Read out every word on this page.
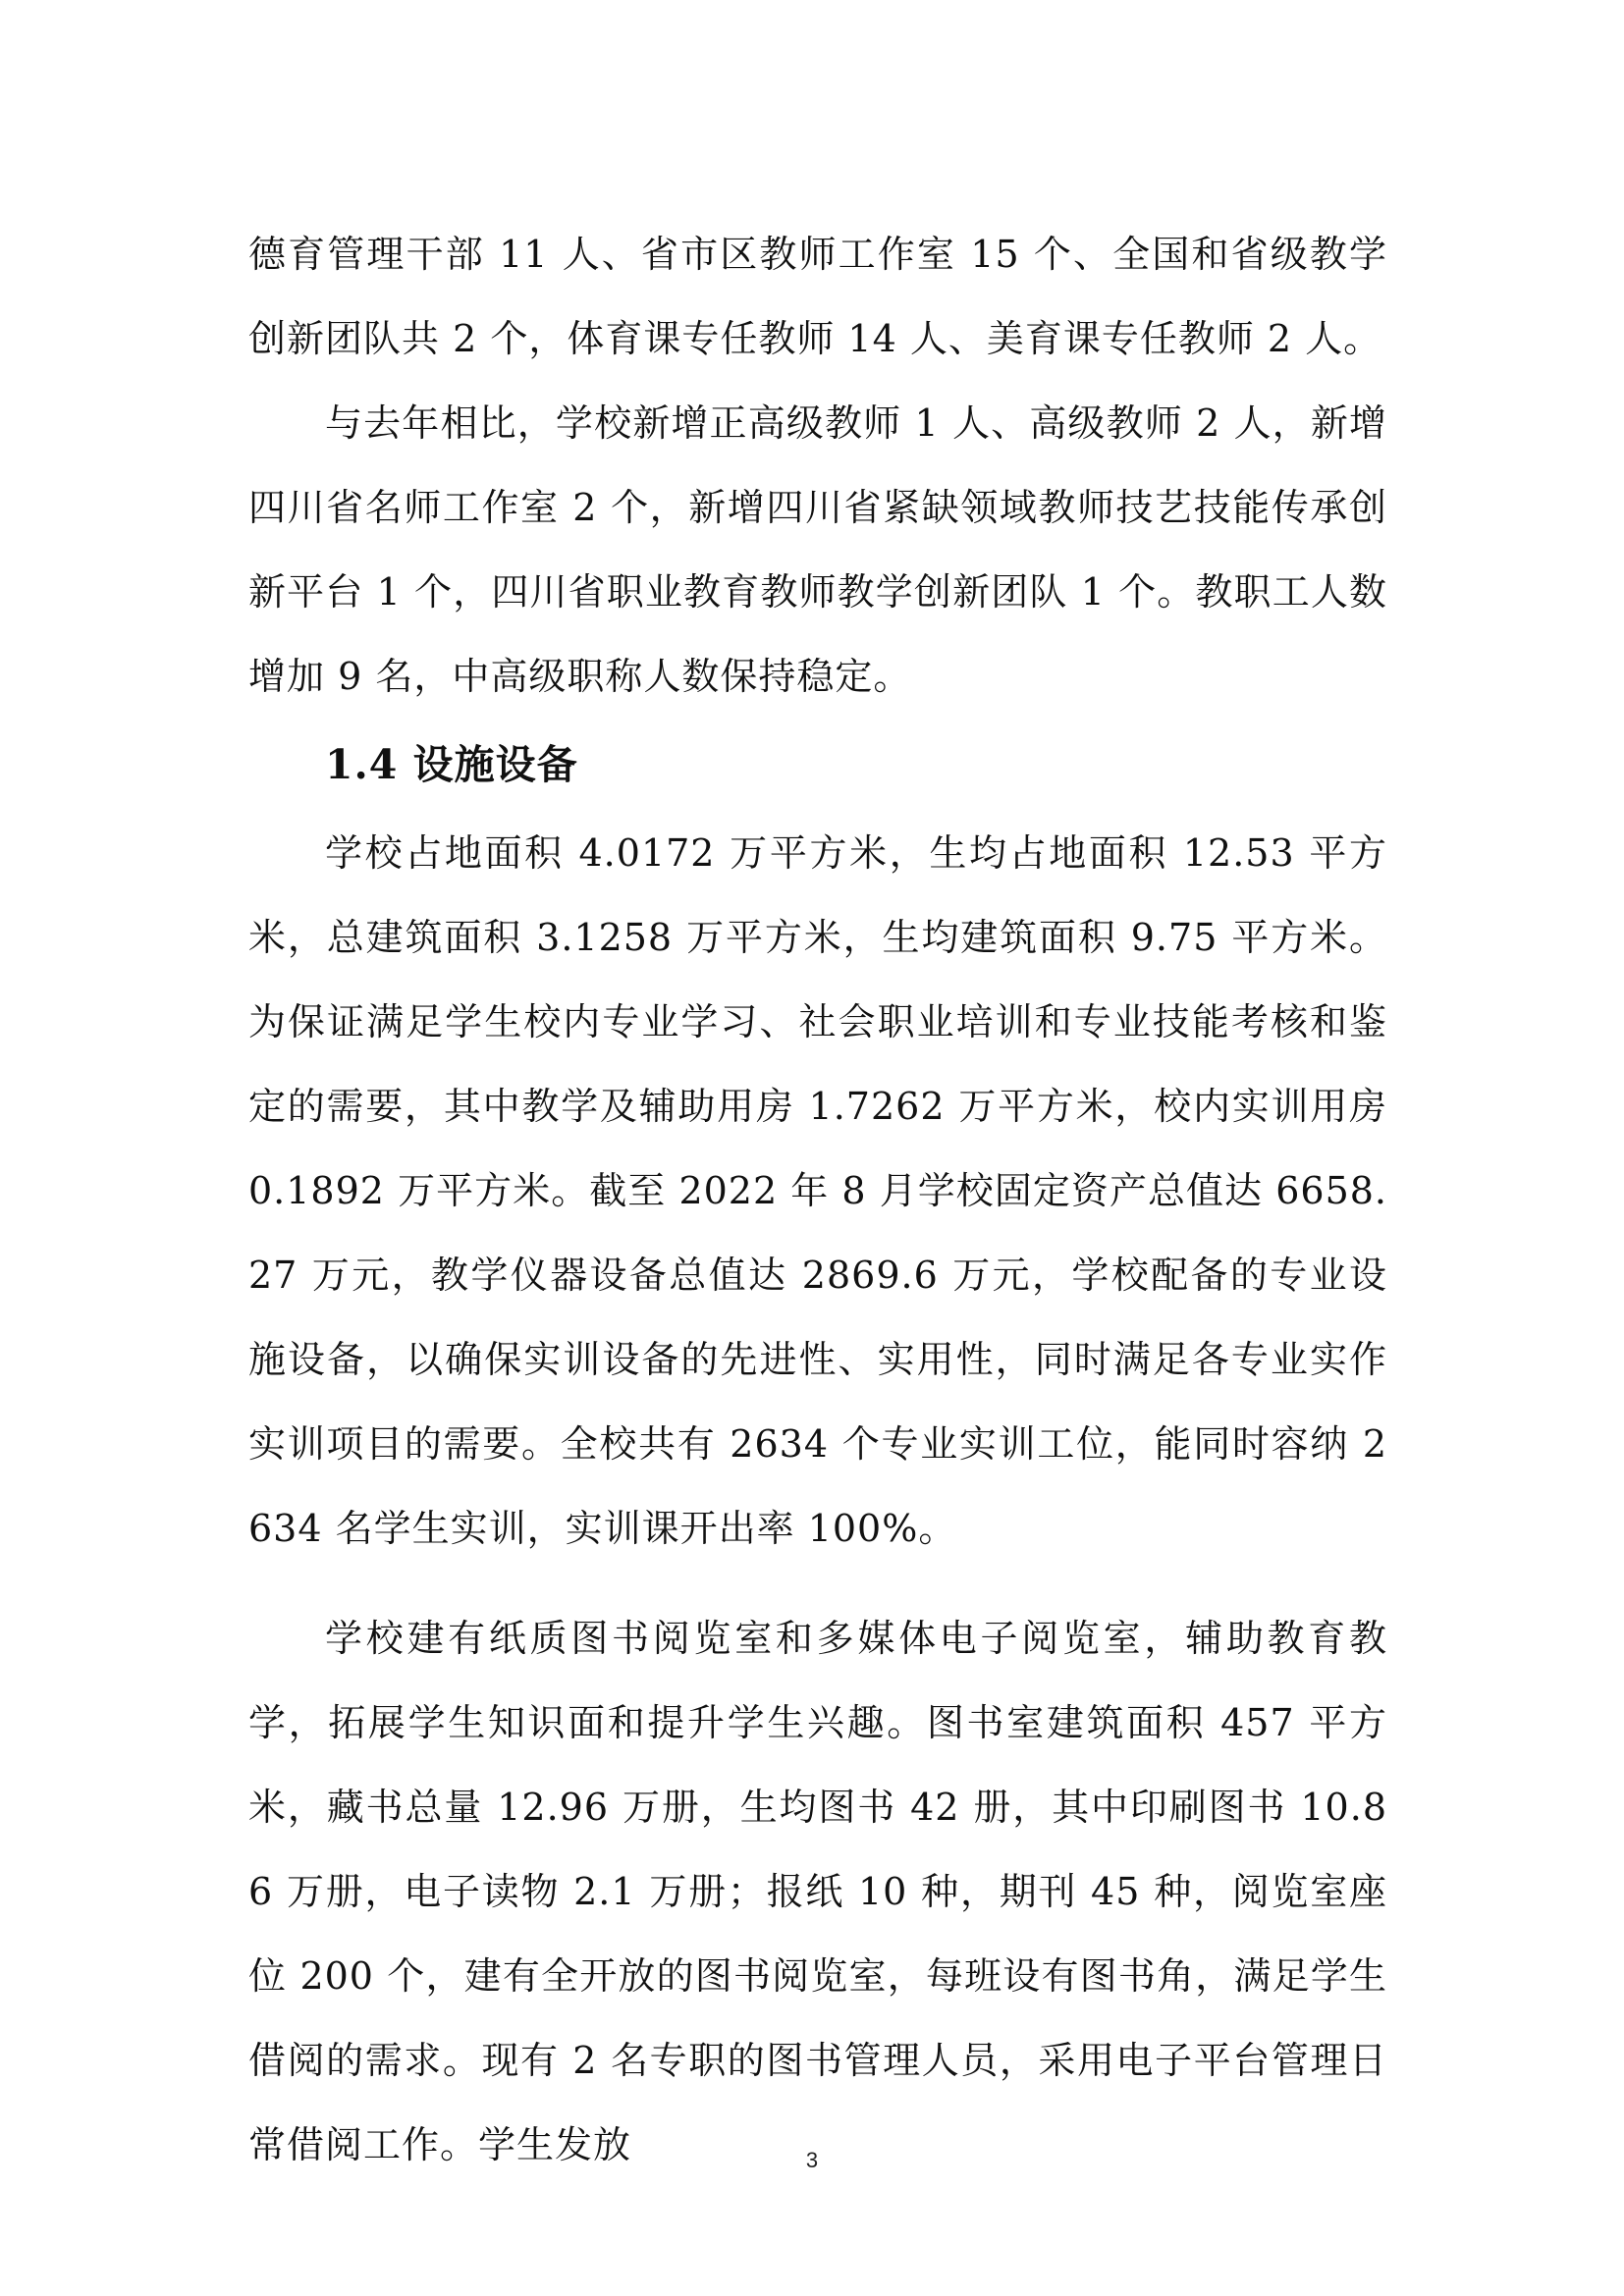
德育管理干部 11 人、省市区教师工作室 15 个、全国和省级教学创新团队共 2 个，体育课专任教师 14 人、美育课专任教师 2 人。

与去年相比，学校新增正高级教师 1 人、高级教师 2 人，新增四川省名师工作室 2 个，新增四川省紧缺领域教师技艺技能传承创新平台 1 个，四川省职业教育教师教学创新团队 1 个。教职工人数增加 9 名，中高级职称人数保持稳定。

1.4 设施设备

学校占地面积 4.0172 万平方米，生均占地面积 12.53 平方米，总建筑面积 3.1258 万平方米，生均建筑面积 9.75 平方米。为保证满足学生校内专业学习、社会职业培训和专业技能考核和鉴定的需要，其中教学及辅助用房 1.7262 万平方米，校内实训用房 0.1892 万平方米。截至 2022 年 8 月学校固定资产总值达 6658.27 万元，教学仪器设备总值达 2869.6 万元，学校配备的专业设施设备，以确保实训设备的先进性、实用性，同时满足各专业实作实训项目的需要。全校共有 2634 个专业实训工位，能同时容纳 2634 名学生实训，实训课开出率 100%。

学校建有纸质图书阅览室和多媒体电子阅览室，辅助教育教学，拓展学生知识面和提升学生兴趣。图书室建筑面积 457 平方米，藏书总量 12.96 万册，生均图书 42 册，其中印刷图书 10.86 万册，电子读物 2.1 万册；报纸 10 种，期刊 45 种，阅览室座位 200 个，建有全开放的图书阅览室，每班设有图书角，满足学生借阅的需求。现有 2 名专职的图书管理人员，采用电子平台管理日常借阅工作。学生发放	3
